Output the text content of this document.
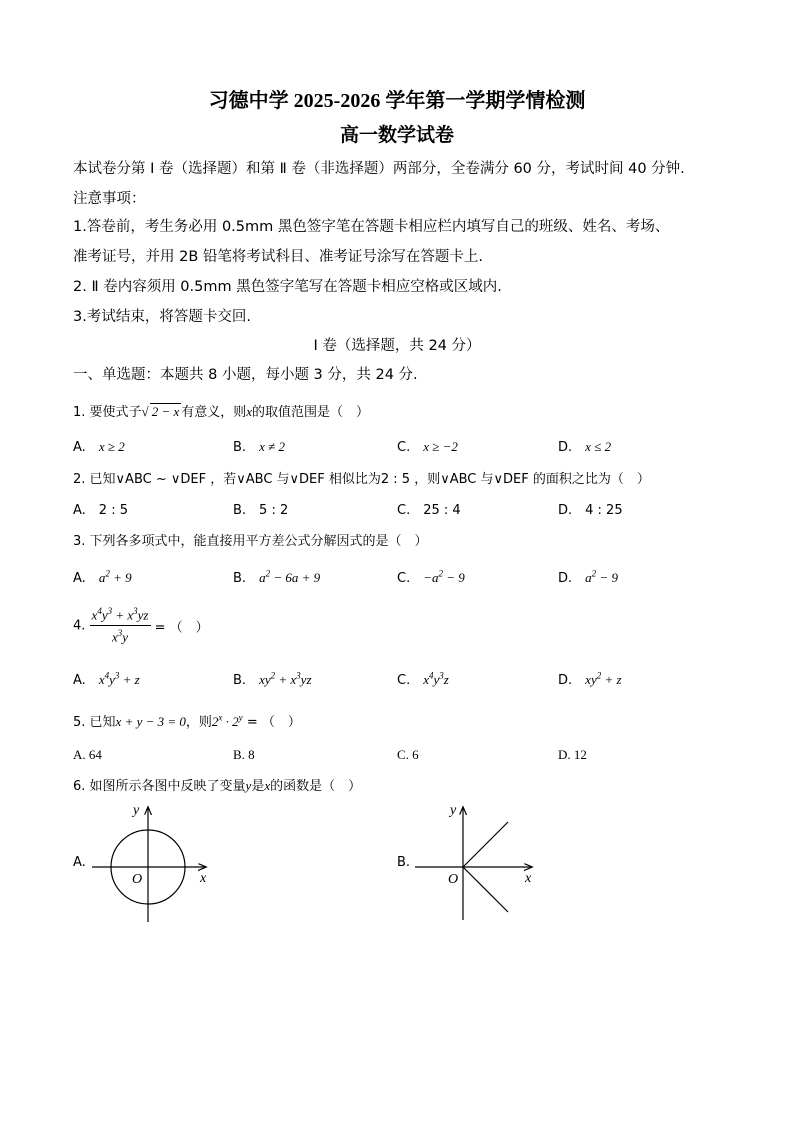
习德中学 2025-2026 学年第一学期学情检测
高一数学试卷
本试卷分第 Ⅰ 卷（选择题）和第 Ⅱ 卷（非选择题）两部分，全卷满分 60 分，考试时间 40 分钟.
注意事项：
1.答卷前，考生务必用 0.5mm 黑色签字笔在答题卡相应栏内填写自己的班级、姓名、考场、
准考证号，并用 2B 铅笔将考试科目、准考证号涂写在答题卡上.
2. Ⅱ 卷内容须用 0.5mm 黑色签字笔写在答题卡相应空格或区域内.
3.考试结束，将答题卡交回.
Ⅰ 卷（选择题，共 24 分）
一、单选题：本题共 8 小题，每小题 3 分，共 24 分.
1. 要使式子√ 2 − x 有意义，则x的取值范围是（　）
A.　 x ≥ 2	B.　 x ≠ 2	C.　 x ≥ −2	D.　 x ≤ 2
2. 已知∨ABC ~ ∨DEF ，若∨ABC 与∨DEF 相似比为2 : 5 ，则∨ABC 与∨DEF 的面积之比为（　）
A.　2 : 5	B.　5 : 2	C.　25 : 4	D.　4 : 25
3. 下列各多项式中，能直接用平方差公式分解因式的是（　）
A.　 $a^2 + 9$	B.　 $a^2 - 6a + 9$	C.　 $-a^2 - 9$	D.　 $a^2 - 9$
4. $\frac{x^4y^3 + x^3yz}{x^3y}$ = （　）
A.　 $x^4y^3 + z$	B.　 $xy^2 + x^3yz$	C.　 $x^4y^3z$	D.　 $xy^2 + z$
5. 已知x + y − 3 = 0，则$2^x \cdot 2^y$ = （　）
A. 64	B. 8	C. 6	D. 12
6. 如图所示各图中反映了变量y是x的函数是（　）
A.
x
y
O
B.
x
y
O
